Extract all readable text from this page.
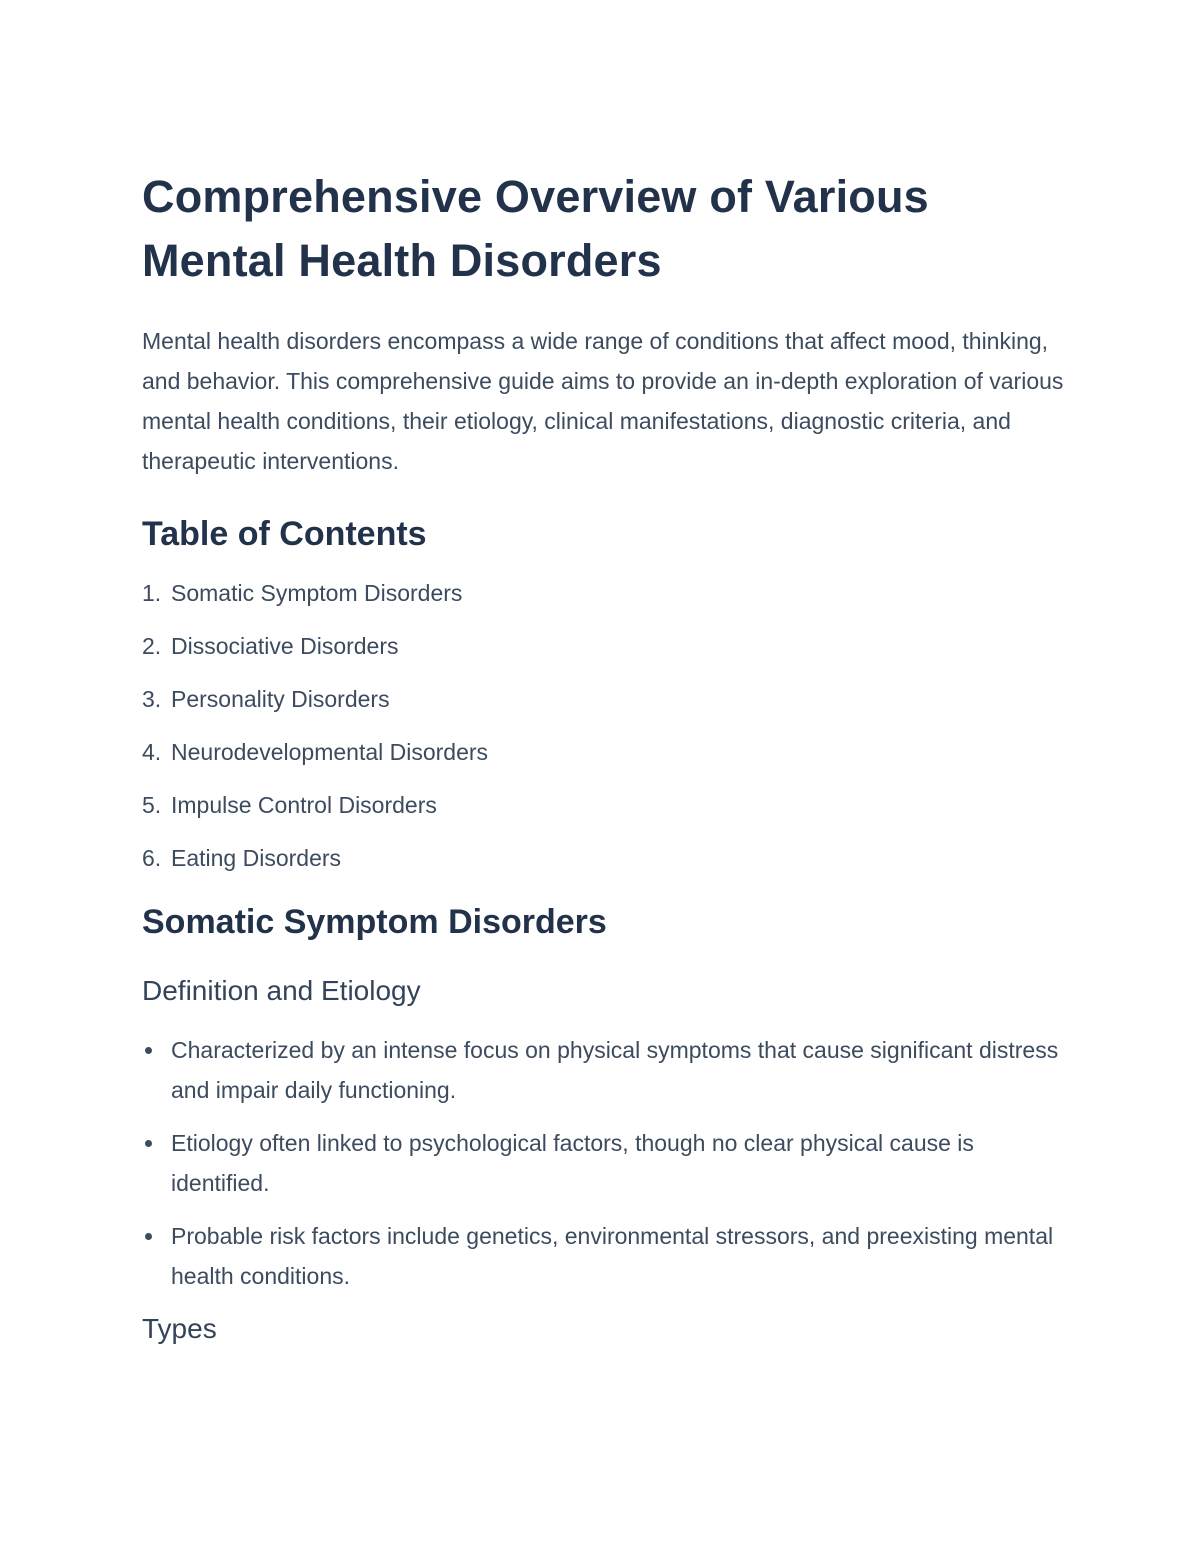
Comprehensive Overview of Various
Mental Health Disorders

Mental health disorders encompass a wide range of conditions that affect mood, thinking, and behavior. This comprehensive guide aims to provide an in-depth exploration of various mental health conditions, their etiology, clinical manifestations, diagnostic criteria, and therapeutic interventions.

Table of Contents
1. Somatic Symptom Disorders
2. Dissociative Disorders
3. Personality Disorders
4. Neurodevelopmental Disorders
5. Impulse Control Disorders
6. Eating Disorders
Somatic Symptom Disorders
Definition and Etiology
Characterized by an intense focus on physical symptoms that cause significant distress and impair daily functioning.
Etiology often linked to psychological factors, though no clear physical cause is identified.
Probable risk factors include genetics, environmental stressors, and preexisting mental health conditions.
Types
